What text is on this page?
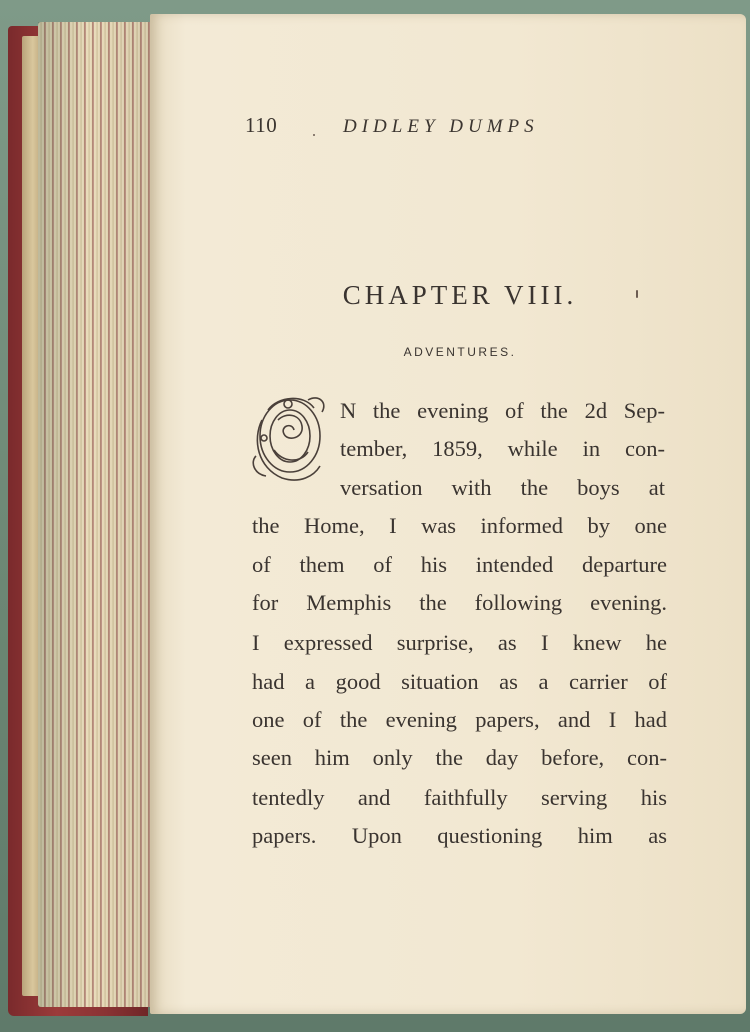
110	DIDLEY DUMPS
CHAPTER VIII.
ADVENTURES.
N the evening of the 2d Sep-
tember, 1859, while in con-
versation with the boys at
the Home, I was informed by one
of them of his intended departure
for Memphis the following evening.
I expressed surprise, as I knew he
had a good situation as a carrier of
one of the evening papers, and I had
seen him only the day before, con-
tentedly and faithfully serving his
papers. Upon questioning him as
